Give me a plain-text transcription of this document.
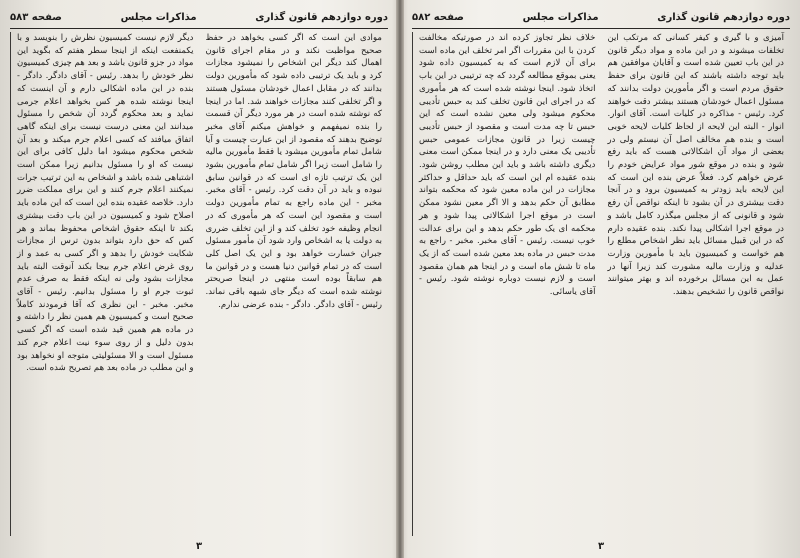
دوره دوازدهم قانون گذاری
مذاکرات مجلس
صفحه ۵۸۳

موادی این است که اگر کسی بخواهد در حفظ صحیح مواظبت نکند و در مقام اجرای قانون اهمال کند دیگر این اشخاص را نمیشود مجازات کرد و باید یک ترتیبی داده شود که مأمورین دولت بدانند که در مقابل اعمال خودشان مسئول هستند و اگر تخلفی کنند مجازات خواهند شد. اما در اینجا که نوشته شده است در هر مورد دیگر آن قسمت را بنده نمیفهمم و خواهش میکنم آقای مخبر توضیح بدهند که مقصود از این عبارت چیست و آیا شامل تمام مأمورین میشود یا فقط مأمورین مالیه را شامل است زیرا اگر شامل تمام مأمورین بشود این یک ترتیب تازه ای است که در قوانین سابق نبوده و باید در آن دقت کرد. رئیس - آقای مخبر. مخبر - این ماده راجع به تمام مأمورین دولت است و مقصود این است که هر مأموری که در انجام وظیفه خود تخلف کند و از این تخلف ضرری به دولت یا به اشخاص وارد شود آن مأمور مسئول جبران خسارت خواهد بود و این یک اصل کلی است که در تمام قوانین دنیا هست و در قوانین ما هم سابقاً بوده است منتهی در اینجا صریحتر نوشته شده است که دیگر جای شبهه باقی نماند. رئیس - آقای دادگر. دادگر - بنده عرضی ندارم.

دیگر لازم نیست کمیسیون نظرش را بنویسد و با یکمنفعت اینکه از اینجا سطر هفتم که بگوید این مواد در جزو قانون باشد و بعد هم چیزی کمیسیون نظر خودش را بدهد. رئیس - آقای دادگر. دادگر - بنده در این ماده اشکالی دارم و آن اینست که اینجا نوشته شده هر کس بخواهد اعلام جرمی نماید و بعد محکوم گردد آن شخص را مسئول میدانند این معنی درست نیست برای اینکه گاهی اتفاق میافتد که کسی اعلام جرم میکند و بعد آن شخص محکوم میشود اما دلیل کافی برای این نیست که او را مسئول بدانیم زیرا ممکن است اشتباهی شده باشد و اشخاص به این ترتیب جرات نمیکنند اعلام جرم کنند و این برای مملکت ضرر دارد. خلاصه عقیده بنده این است که این ماده باید اصلاح شود و کمیسیون در این باب دقت بیشتری بکند تا اینکه حقوق اشخاص محفوظ بماند و هر کس که حق دارد بتواند بدون ترس از مجازات شکایت خودش را بدهد و اگر کسی به عمد و از روی غرض اعلام جرم بیجا بکند آنوقت البته باید مجازات بشود ولی نه اینکه فقط به صرف عدم ثبوت جرم او را مسئول بدانیم. رئیس - آقای مخبر. مخبر - این نظری که آقا فرمودند کاملاً صحیح است و کمیسیون هم همین نظر را داشته و در ماده هم همین قید شده است که اگر کسی بدون دلیل و از روی سوء نیت اعلام جرم کند مسئول است و الا مسئولیتی متوجه او نخواهد بود و این مطلب در ماده بعد هم تصریح شده است.

۳
دوره دوازدهم قانون گذاری
مذاکرات مجلس
صفحه ۵۸۲

آمیزی و با گیری و کیفر کسانی که مرتکب این تخلفات میشوند و در این ماده و مواد دیگر قانون در این باب تعیین شده است و آقایان موافقین هم باید توجه داشته باشند که این قانون برای حفظ حقوق مردم است و اگر مأمورین دولت بدانند که مسئول اعمال خودشان هستند بیشتر دقت خواهند کرد. رئیس - مذاکره در کلیات است. آقای انوار. انوار - البته این لایحه از لحاظ کلیات لایحه خوبی است و بنده هم مخالف اصل آن نیستم ولی در بعضی از مواد آن اشکالاتی هست که باید رفع شود و بنده در موقع شور مواد عرایض خودم را عرض خواهم کرد. فعلاً عرض بنده این است که این لایحه باید زودتر به کمیسیون برود و در آنجا دقت بیشتری در آن بشود تا اینکه نواقص آن رفع شود و قانونی که از مجلس میگذرد کامل باشد و در موقع اجرا اشکالی پیدا نکند. بنده عقیده دارم که در این قبیل مسائل باید نظر اشخاص مطلع را هم خواست و کمیسیون باید با مأمورین وزارت عدلیه و وزارت مالیه مشورت کند زیرا آنها در عمل به این مسائل برخورده اند و بهتر میتوانند نواقص قانون را تشخیص بدهند.

خلاف نظر تجاوز کرده اند در صورتیکه مخالفت کردن با این مقررات اگر امر تخلف این ماده است برای آن لازم است که به کمیسیون داده شود یعنی بموقع مطالعه گردد که چه ترتیبی در این باب اتخاذ شود. اینجا نوشته شده است که هر مأموری که در اجرای این قانون تخلف کند به حبس تأدیبی محکوم میشود ولی معین نشده است که این حبس تا چه مدت است و مقصود از حبس تأدیبی چیست زیرا در قانون مجازات عمومی حبس تأدیبی یک معنی دارد و در اینجا ممکن است معنی دیگری داشته باشد و باید این مطلب روشن شود. بنده عقیده ام این است که باید حداقل و حداکثر مجازات در این ماده معین شود که محکمه بتواند مطابق آن حکم بدهد و الا اگر معین نشود ممکن است در موقع اجرا اشکالاتی پیدا شود و هر محکمه ای یک طور حکم بدهد و این برای عدالت خوب نیست. رئیس - آقای مخبر. مخبر - راجع به مدت حبس در ماده بعد معین شده است که از یک ماه تا شش ماه است و در اینجا هم همان مقصود است و لازم نیست دوباره نوشته شود. رئیس - آقای یاسائی.

۳
